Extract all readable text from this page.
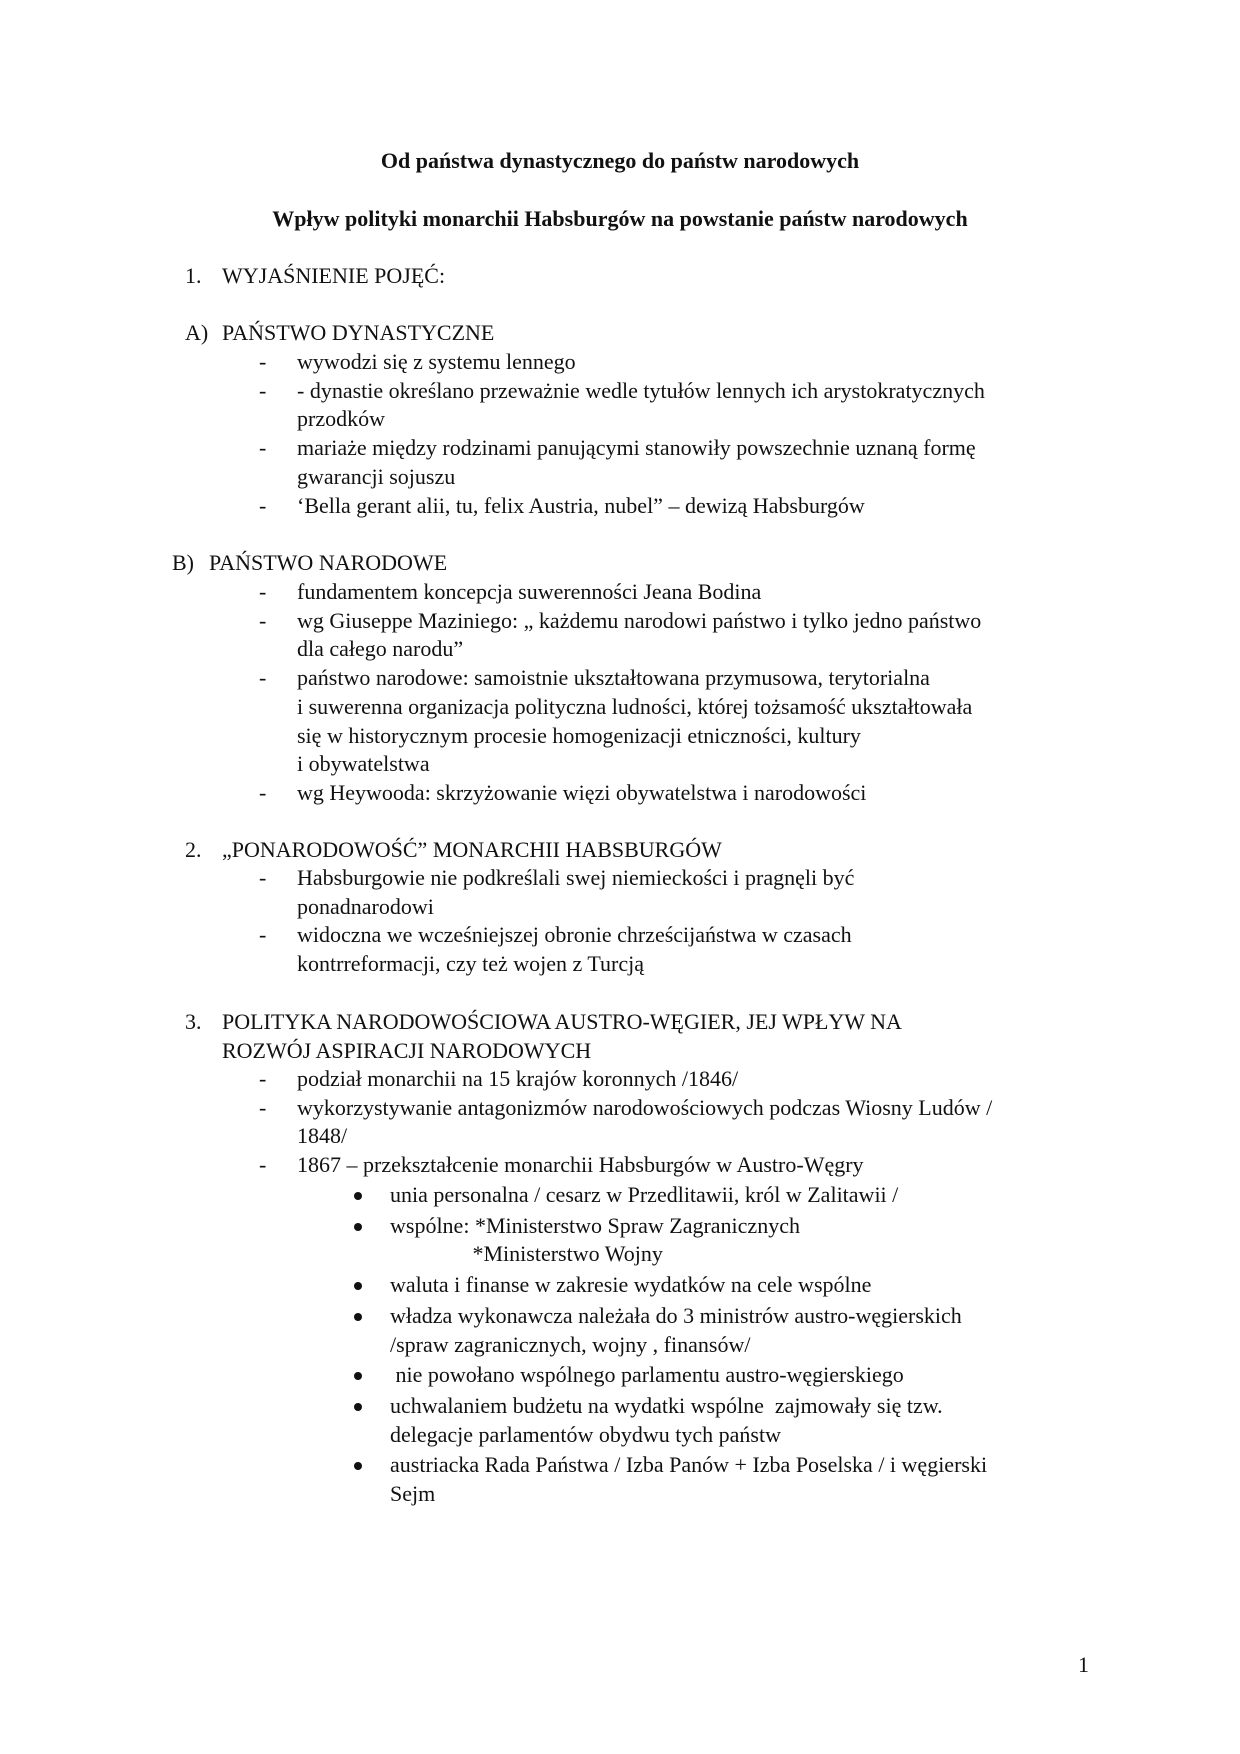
Od państwa dynastycznego do państw narodowych
Wpływ polityki monarchii Habsburgów na powstanie państw narodowych
1. WYJAŚNIENIE POJĘĆ:
A) PAŃSTWO DYNASTYCZNE
- wywodzi się z systemu lennego
- - dynastie określano przeważnie wedle tytułów lennych ich arystokratycznych
przodków
- mariaże między rodzinami panującymi stanowiły powszechnie uznaną formę
gwarancji sojuszu
- ‘Bella gerant alii, tu, felix Austria, nubel” – dewizą Habsburgów
B) PAŃSTWO NARODOWE
- fundamentem koncepcja suwerenności Jeana Bodina
- wg Giuseppe Maziniego: „ każdemu narodowi państwo i tylko jedno państwo
dla całego narodu”
- państwo narodowe: samoistnie ukształtowana przymusowa, terytorialna
i suwerenna organizacja polityczna ludności, której tożsamość ukształtowała
się w historycznym procesie homogenizacji etniczności, kultury
i obywatelstwa
- wg Heywooda: skrzyżowanie więzi obywatelstwa i narodowości
2. „PONARODOWOŚĆ” MONARCHII HABSBURGÓW
- Habsburgowie nie podkreślali swej niemieckości i pragnęli być
ponadnarodowi
- widoczna we wcześniejszej obronie chrześcijaństwa w czasach
kontrreformacji, czy też wojen z Turcją
3. POLITYKA NARODOWOŚCIOWA AUSTRO-WĘGIER, JEJ WPŁYW NA
ROZWÓJ ASPIRACJI NARODOWYCH
- podział monarchii na 15 krajów koronnych /1846/
- wykorzystywanie antagonizmów narodowościowych podczas Wiosny Ludów /
1848/
- 1867 – przekształcenie monarchii Habsburgów w Austro-Węgry
unia personalna / cesarz w Przedlitawii, król w Zalitawii /
wspólne: *Ministerstwo Spraw Zagranicznych
*Ministerstwo Wojny
waluta i finanse w zakresie wydatków na cele wspólne
władza wykonawcza należała do 3 ministrów austro-węgierskich
/spraw zagranicznych, wojny , finansów/
nie powołano wspólnego parlamentu austro-węgierskiego
uchwalaniem budżetu na wydatki wspólne  zajmowały się tzw.
delegacje parlamentów obydwu tych państw
austriacka Rada Państwa / Izba Panów + Izba Poselska / i węgierski
Sejm
1
